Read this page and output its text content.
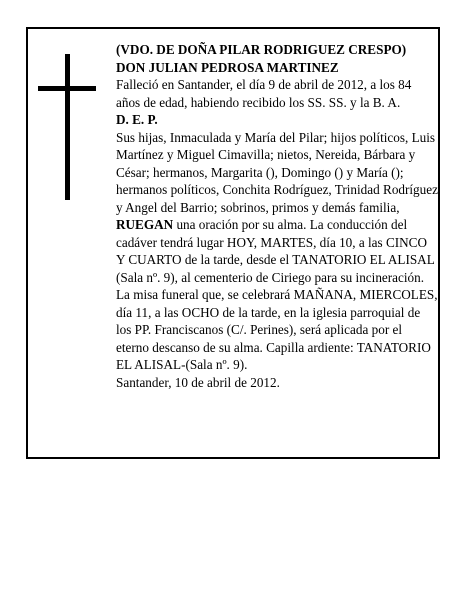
(VDO. DE DOÑA PILAR RODRIGUEZ CRESPO)

DON JULIAN PEDROSA MARTINEZ

Falleció en Santander, el día 9 de abril de 2012, a los 84 años de edad, habiendo recibido los SS. SS. y la B. A.

D. E. P.

Sus hijas, Inmaculada y María del Pilar; hijos políticos, Luis Martínez y Miguel Cimavilla; nietos, Nereida, Bárbara y César; hermanos, Margarita (), Domingo () y María (); hermanos políticos, Conchita Rodríguez, Trinidad Rodríguez y Angel del Barrio; sobrinos, primos y demás familia,

RUEGAN una oración por su alma. La conducción del cadáver tendrá lugar HOY, MARTES, día 10, a las CINCO Y CUARTO de la tarde, desde el TANATORIO EL ALISAL (Sala nº. 9), al cementerio de Ciriego para su incineración. La misa funeral que, se celebrará MAÑANA, MIERCOLES, día 11, a las OCHO de la tarde, en la iglesia parroquial de los PP. Franciscanos (C/. Perines), será aplicada por el eterno descanso de su alma. Capilla ardiente: TANATORIO EL ALISAL-(Sala nº. 9).

Santander, 10 de abril de 2012.
